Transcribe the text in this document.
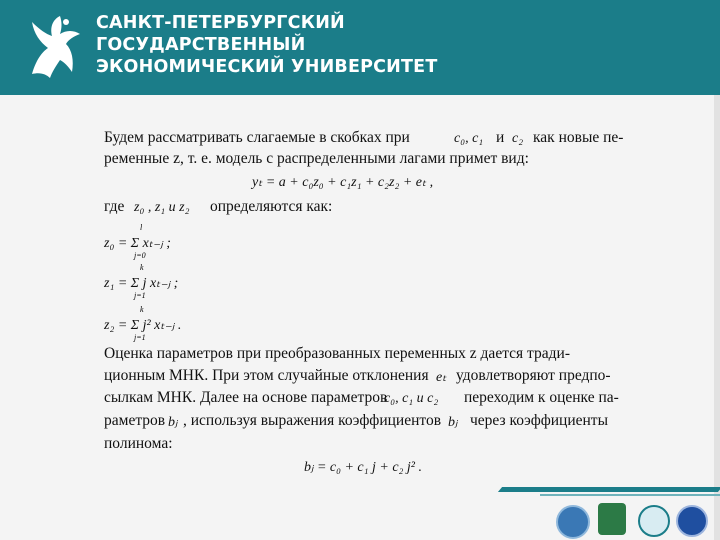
САНКТ-ПЕТЕРБУРГСКИЙ
ГОСУДАРСТВЕННЫЙ
ЭКОНОМИЧЕСКИЙ УНИВЕРСИТЕТ
Будем рассматривать слагаемые в скобках при	c₀, c₁ и c₂ как новые пе-
ременные z, т. е. модель с распределенными лагами примет вид:
yₜ = a + c₀z₀ + c₁z₁ + c₂z₂ + eₜ ,
где z₀ , z₁ и z₂ определяются как:
l
z₀ = Σ xₜ₋ⱼ ;
j=0
k
z₁ = Σ j xₜ₋ⱼ ;
j=1
k
z₂ = Σ j² xₜ₋ⱼ .
j=1
Оценка параметров при преобразованных переменных z дается тради-
ционным МНК. При этом случайные отклонения eₜ удовлетворяют предпо-
сылкам МНК. Далее на основе параметров
c₀, c₁ и c₂ переходим к оценке па-
раметров bⱼ , используя выражения коэффициентов bⱼ через коэффициенты
полинома:
bⱼ = c₀ + c₁ j + c₂ j² .
